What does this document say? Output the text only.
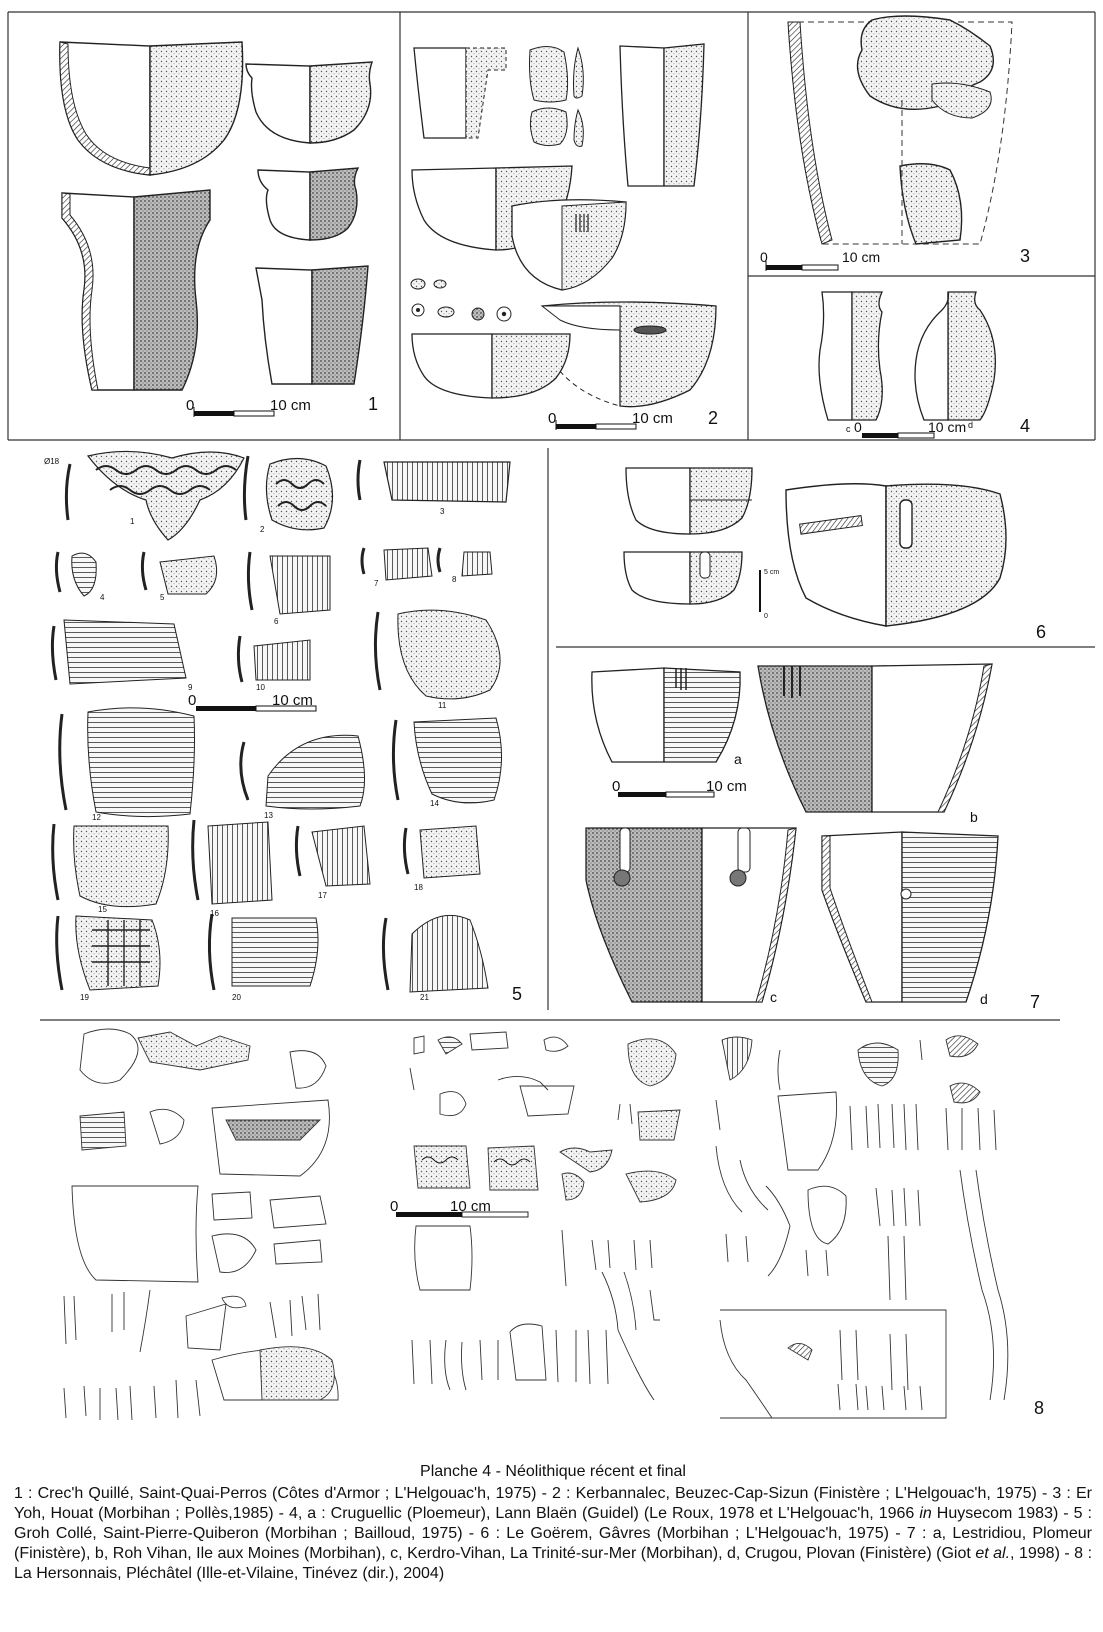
0	10 cm	1
0	10 cm 2
0	10 cm	3
c	d
0	10 cm	4
Ø18
0	10 cm
1
2
3
4	5
6
7	8
9	10
11
12	13
14
15	16
17
18
19	20	21	5
5 cm
0
6
a
b
0	10 cm
c	d 7
0	10 cm
8

Planche 4 - Néolithique récent et final

1 : Crec'h Quillé, Saint-Quai-Perros (Côtes d'Armor ; L'Helgouac'h, 1975) - 2 : Kerbannalec, Beuzec-Cap-Sizun (Finistère ; L'Helgouac'h, 1975) - 3 : Er Yoh, Houat (Morbihan ; Pollès,1985) - 4, a : Cruguellic (Ploemeur), Lann Blaën (Guidel) (Le Roux, 1978 et L'Helgouac'h, 1966 in Huysecom 1983) - 5 : Groh Collé, Saint-Pierre-Quiberon (Morbihan ; Bailloud, 1975) - 6 : Le Goërem, Gâvres (Morbihan ; L'Helgouac'h, 1975) - 7 : a, Lestridiou, Plomeur (Finistère), b, Roh Vihan, Ile aux Moines (Morbihan), c, Kerdro-Vihan, La Trinité-sur-Mer (Morbihan), d, Crugou, Plovan (Finistère) (Giot et al., 1998) - 8 : La Hersonnais, Pléchâtel (Ille-et-Vilaine, Tinévez (dir.), 2004)
